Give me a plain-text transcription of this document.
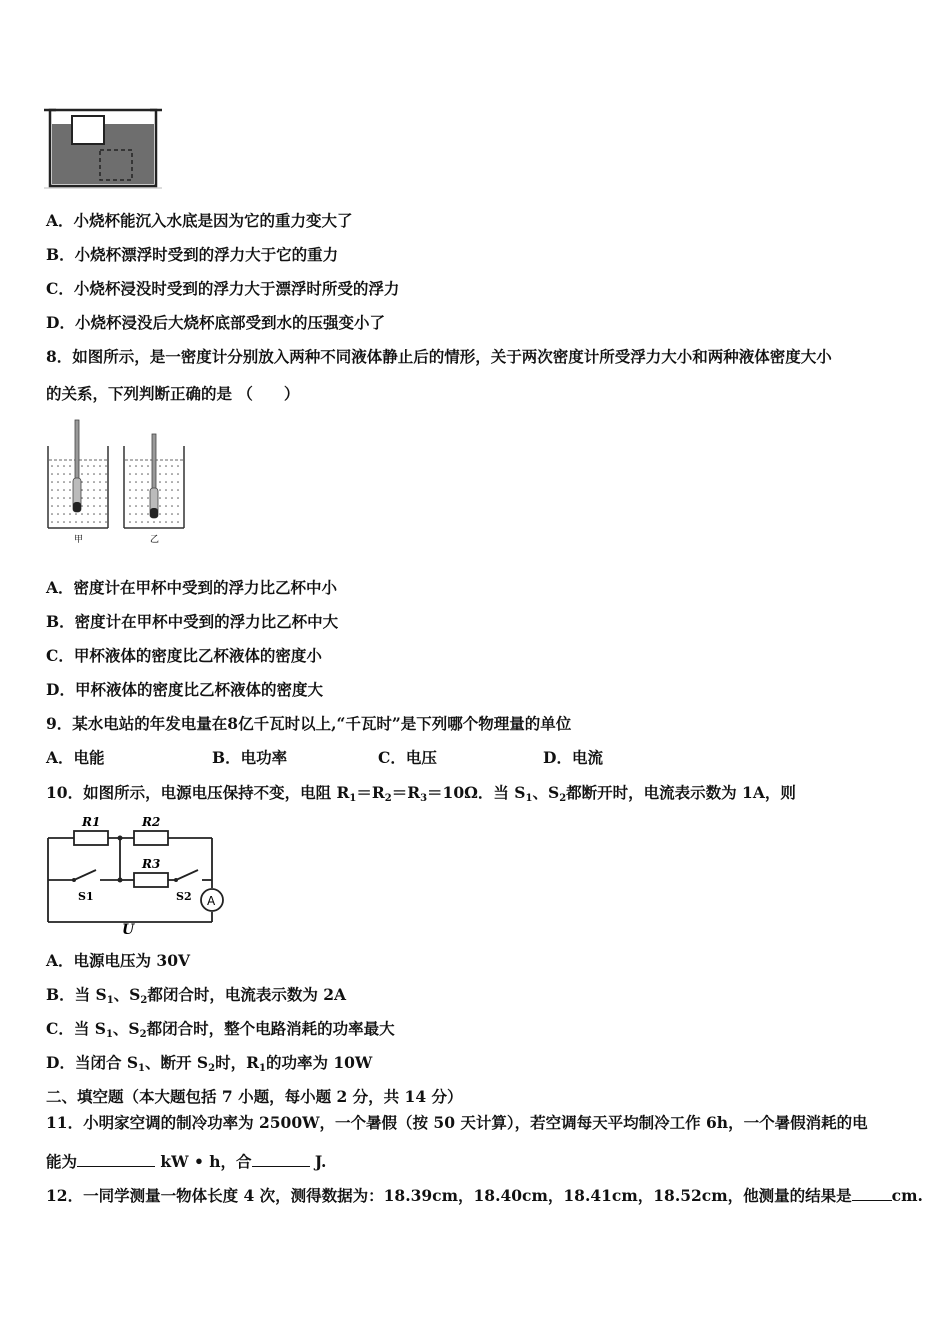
A．小烧杯能沉入水底是因为它的重力变大了
B．小烧杯漂浮时受到的浮力大于它的重力
C．小烧杯浸没时受到的浮力大于漂浮时所受的浮力
D．小烧杯浸没后大烧杯底部受到水的压强变小了
8．如图所示，是一密度计分别放入两种不同液体静止后的情形，关于两次密度计所受浮力大小和两种液体密度大小
的关系，下列判断正确的是 （　　）
甲	乙
A．密度计在甲杯中受到的浮力比乙杯中小
B．密度计在甲杯中受到的浮力比乙杯中大
C．甲杯液体的密度比乙杯液体的密度小
D．甲杯液体的密度比乙杯液体的密度大
9．某水电站的年发电量在8亿千瓦时以上,“千瓦时”是下列哪个物理量的单位
A．电能	B．电功率	C．电压	D．电流
10．如图所示，电源电压保持不变，电阻 $R_1=R_2=R_3=10\Omega$．当 $S_1$、$S_2$都断开时，电流表示数为 1A，则
R1	R2
R3
S1	S2 A
U
A．电源电压为 30V
B．当 $S_1$、$S_2$都闭合时，电流表示数为 2A
C．当 $S_1$、$S_2$都闭合时，整个电路消耗的功率最大
D．当闭合 $S_1$、断开 $S_2$时，$R_1$的功率为 10W
二、填空题（本大题包括 7 小题，每小题 2 分，共 14 分）
11．小明家空调的制冷功率为 2500W，一个暑假（按 50 天计算），若空调每天平均制冷工作 6h，一个暑假消耗的电
能为	kW • h，合	J.
12．一同学测量一物体长度 4 次，测得数据为：18.39cm，18.40cm，18.41cm，18.52cm，他测量的结果是	cm.
